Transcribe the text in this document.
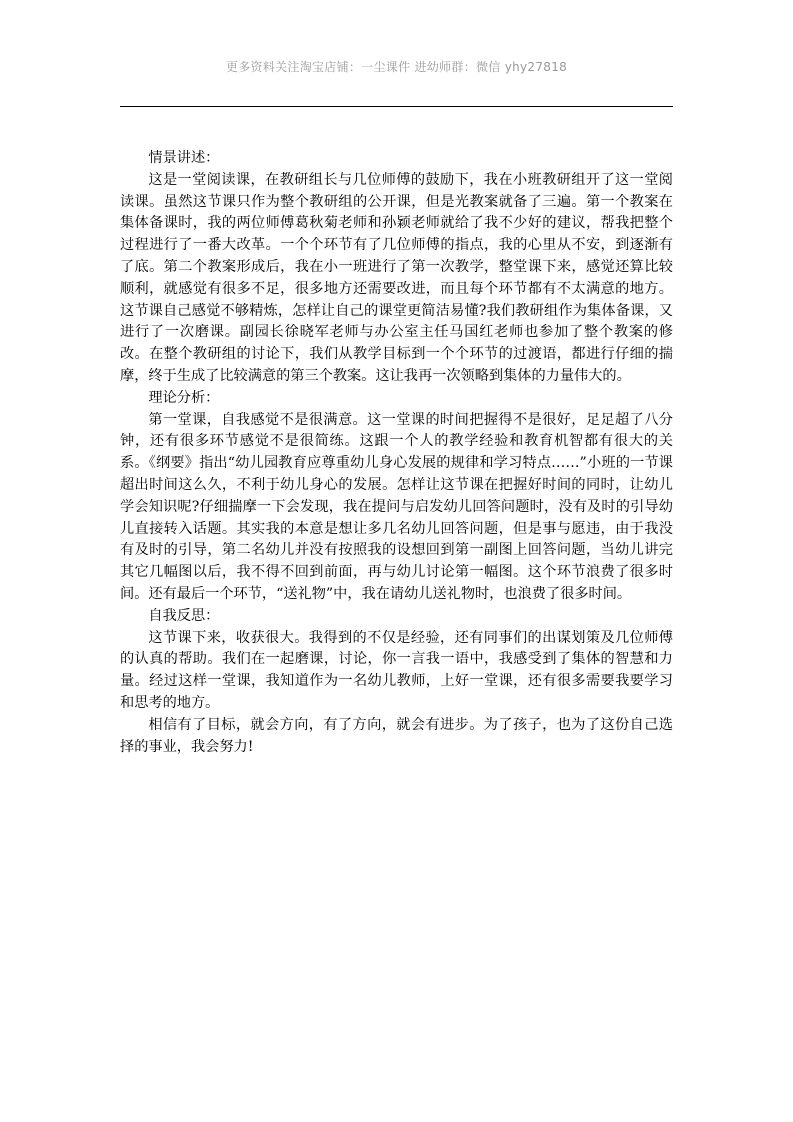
更多资料关注淘宝店铺：一尘课件 进幼师群：微信 yhy27818

情景讲述：

这是一堂阅读课，在教研组长与几位师傅的鼓励下，我在小班教研组开了这一堂阅读课。虽然这节课只作为整个教研组的公开课，但是光教案就备了三遍。第一个教案在集体备课时，我的两位师傅葛秋菊老师和孙颖老师就给了我不少好的建议，帮我把整个过程进行了一番大改革。一个个环节有了几位师傅的指点，我的心里从不安，到逐渐有了底。第二个教案形成后，我在小一班进行了第一次教学，整堂课下来，感觉还算比较顺利，就感觉有很多不足，很多地方还需要改进，而且每个环节都有不太满意的地方。这节课自己感觉不够精炼，怎样让自己的课堂更简洁易懂?我们教研组作为集体备课，又进行了一次磨课。副园长徐晓军老师与办公室主任马国红老师也参加了整个教案的修改。在整个教研组的讨论下，我们从教学目标到一个个环节的过渡语，都进行仔细的揣摩，终于生成了比较满意的第三个教案。这让我再一次领略到集体的力量伟大的。

理论分析：

第一堂课，自我感觉不是很满意。这一堂课的时间把握得不是很好，足足超了八分钟，还有很多环节感觉不是很简练。这跟一个人的教学经验和教育机智都有很大的关系。《纲要》指出“幼儿园教育应尊重幼儿身心发展的规律和学习特点……”小班的一节课超出时间这么久，不利于幼儿身心的发展。怎样让这节课在把握好时间的同时，让幼儿学会知识呢?仔细揣摩一下会发现，我在提问与启发幼儿回答问题时，没有及时的引导幼儿直接转入话题。其实我的本意是想让多几名幼儿回答问题，但是事与愿违，由于我没有及时的引导，第二名幼儿并没有按照我的设想回到第一副图上回答问题，当幼儿讲完其它几幅图以后，我不得不回到前面，再与幼儿讨论第一幅图。这个环节浪费了很多时间。还有最后一个环节，“送礼物”中，我在请幼儿送礼物时，也浪费了很多时间。

自我反思：

这节课下来，收获很大。我得到的不仅是经验，还有同事们的出谋划策及几位师傅的认真的帮助。我们在一起磨课，讨论，你一言我一语中，我感受到了集体的智慧和力量。经过这样一堂课，我知道作为一名幼儿教师，上好一堂课，还有很多需要我要学习和思考的地方。

相信有了目标，就会方向，有了方向，就会有进步。为了孩子，也为了这份自己选择的事业，我会努力!
